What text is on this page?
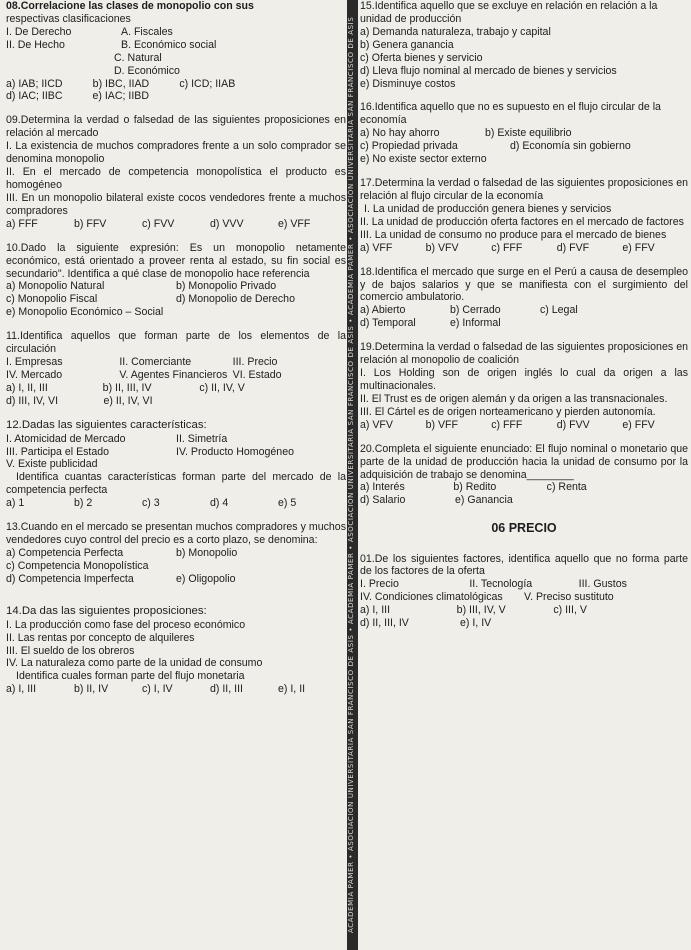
ACADEMIA PAMER • ASOCIACIÓN UNIVERSITARIA SAN FRANCISCO DE ASÍS • ACADEMIA PAMER • ASOCIACIÓN UNIVERSITARIA SAN FRANCISCO DE ASÍS • ACADEMIA PAMER • ASOCIACIÓN UNIVERSITARIA SAN FRANCISCO DE ASÍS

08.Correlacione las clases de monopolio con sus

respectivas clasificaciones

I. De Derecho	A. Fiscales
II. De Hecho	B. Económico social

C. Natural

D. Económico

a) IAB; IICD	b) IBC, IIAD	c) ICD; IIAB
d) IAC; IIBC	e) IAC; IIBD

09.Determina la verdad o falsedad de las siguientes proposiciones en relación al mercado

I. La existencia de muchos compradores frente a un solo comprador se denomina monopolio

II. En el mercado de competencia monopolística el producto es homogéneo

III. En un monopolio bilateral existe cocos vendedores frente a muchos compradores

a) FFF	b) FFV	c) FVV	d) VVV	e) VFF

10.Dado la siguiente expresión: Es un monopolio netamente económico, está orientado a proveer renta al estado, su fin social es secundario". Identifica a qué clase de monopolio hace referencia

a) Monopolio Natural	b) Monopolio Privado
c) Monopolio Fiscal	d) Monopolio de Derecho

e) Monopolio Económico – Social

11.Identifica aquellos que forman parte de los elementos de la circulación

I. Empresas	II. Comerciante	III. Precio
IV. Mercado	V. Agentes Financieros VI. Estado
a) I, II, III	b) II, III, IV	c) II, IV, V
d) III, IV, VI	e) II, IV, VI

12.Dadas las siguientes características:

I. Atomicidad de Mercado	II. Simetría
III. Participa el Estado	IV. Producto Homogéneo

V. Existe publicidad

Identifica cuantas características forman parte del mercado de la competencia perfecta

a) 1	b) 2	c) 3	d) 4	e) 5

13.Cuando en el mercado se presentan muchos compradores y muchos vendedores cuyo control del precio es a corto plazo, se denomina:

a) Competencia Perfecta	b) Monopolio

c) Competencia Monopolística

d) Competencia Imperfecta	e) Oligopolio

14.Da das las siguientes proposiciones:

I. La producción como fase del proceso económico

II. Las rentas por concepto de alquileres

III. El sueldo de los obreros

IV. La naturaleza como parte de la unidad de consumo

Identifica cuales forman parte del flujo monetaria

a) I, III	b) II, IV	c) I, IV	d) II, III	e) I, II

15.Identifica aquello que se excluye en relación en relación a la unidad de producción

a) Demanda naturaleza, trabajo y capital

b) Genera ganancia

c) Oferta bienes y servicio

d) Lleva flujo nominal al mercado de bienes y servicios

e) Disminuye costos

16.Identifica aquello que no es supuesto en el flujo circular de la economía

a) No hay ahorro	b) Existe equilibrio
c) Propiedad privada	d) Economía sin gobierno

e) No existe sector externo

17.Determina la verdad o falsedad de las siguientes proposiciones en relación al flujo circular de la economía

I. La unidad de producción genera bienes y servicios

II. La unidad de producción oferta factores en el mercado de factores

III. La unidad de consumo no produce para el mercado de bienes

a) VFF	b) VFV	c) FFF	d) FVF	e) FFV

18.Identifica el mercado que surge en el Perú a causa de desempleo y de bajos salarios y que se manifiesta con el surgimiento del comercio ambulatorio.

a) Abierto	b) Cerrado	c) Legal
d) Temporal	e) Informal

19.Determina la verdad o falsedad de las siguientes proposiciones en relación al monopolio de coalición

I. Los Holding son de origen inglés lo cual da origen a las multinacionales.

II. El Trust es de origen alemán y da origen a las transnacionales.

III. El Cártel es de origen norteamericano y pierden autonomía.

a) VFV	b) VFF	c) FFF	d) FVV	e) FFV

20.Completa el siguiente enunciado: El flujo nominal o monetario que parte de la unidad de producción hacia la unidad de consumo por la adquisición de trabajo se denomina________

a) Interés	b) Redito	c) Renta
d) Salario	e) Ganancia
06 PRECIO

01.De los siguientes factores, identifica aquello que no forma parte de los factores de la oferta

I. Precio	II. Tecnología	III. Gustos
IV. Condiciones climatológicas	V. Preciso sustituto
a) I, III	b) III, IV, V	c) III, V
d) II, III, IV	e) I, IV
